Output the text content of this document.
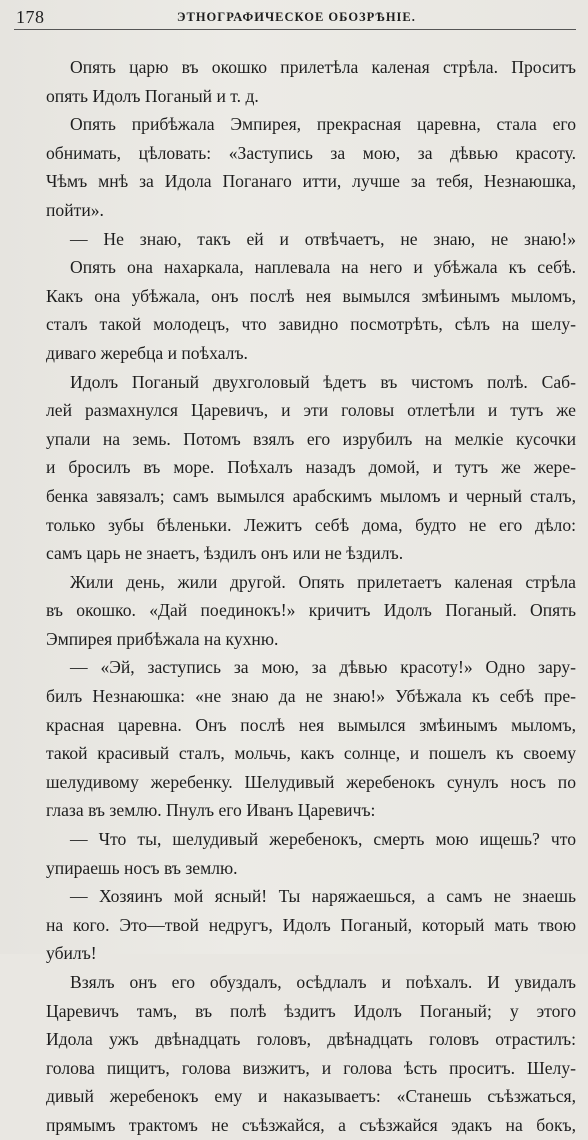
178	ЭТНОГРАФИЧЕСКОЕ ОБОЗРѢНІЕ.
Опять царю въ окошко прилетѣла каленая стрѣла. Проситъ
опять Идолъ Поганый и т. д.
Опять прибѣжала Эмпирея, прекрасная царевна, стала его
обнимать, цѣловать: «Заступись за мою, за дѣвью красоту.
Чѣмъ мнѣ за Идола Поганаго итти, лучше за тебя, Незнаюшка,
пойти».
— Не знаю, такъ ей и отвѣчаетъ, не знаю, не знаю!»
Опять она нахаркала, наплевала на него и убѣжала къ себѣ.
Какъ она убѣжала, онъ послѣ нея вымылся змѣинымъ мыломъ,
сталъ такой молодецъ, что завидно посмотрѣть, сѣлъ на шелу-
дивагo жеребца и поѣхалъ.
Идолъ Поганый двухголовый ѣдетъ въ чистомъ полѣ. Саб-
лей размахнулся Царевичъ, и эти головы отлетѣли и тутъ же
упали на земь. Потомъ взялъ его изрубилъ на мелкіе кусочки
и бросилъ въ море. Поѣхалъ назадъ домой, и тутъ же жере-
бенка завязалъ; самъ вымылся арабскимъ мыломъ и черный сталъ,
только зубы бѣленьки. Лежитъ себѣ дома, будто не его дѣло:
самъ царь не знаетъ, ѣздилъ онъ или не ѣздилъ.
Жили день, жили другой. Опять прилетаетъ каленая стрѣла
въ окошко. «Дай поединокъ!» кричитъ Идолъ Поганый. Опять
Эмпирея прибѣжала на кухню.
— «Эй, заступись за мою, за дѣвью красоту!» Одно зару-
билъ Незнаюшка: «не знаю да не знаю!» Убѣжала къ себѣ пре-
красная царевна. Онъ послѣ нея вымылся змѣинымъ мыломъ,
такой красивый сталъ, мольчь, какъ солнце, и пошелъ къ своему
шелудивому жеребенку. Шелудивый жеребенокъ сунулъ носъ по
глаза въ землю. Пнулъ его Иванъ Царевичъ:
— Что ты, шелудивый жеребенокъ, смерть мою ищешь? что
упираешь носъ въ землю.
— Хозяинъ мой ясный! Ты наряжаешься, а самъ не знаешь
на кого. Это—твой недругъ, Идолъ Поганый, который мать твою
убилъ!
Взялъ онъ его обуздалъ, осѣдлалъ и поѣхалъ. И увидалъ
Царевичъ тамъ, въ полѣ ѣздитъ Идолъ Поганый; у этого
Идола ужъ двѣнадцать головъ, двѣнадцать головъ отрастилъ:
голова пищитъ, голова визжитъ, и голова ѣсть проситъ. Шелу-
дивый жеребенокъ ему и наказываетъ: «Станешь съѣзжаться,
прямымъ трактомъ не съѣзжайся, а съѣзжайся эдакъ на бокъ,
